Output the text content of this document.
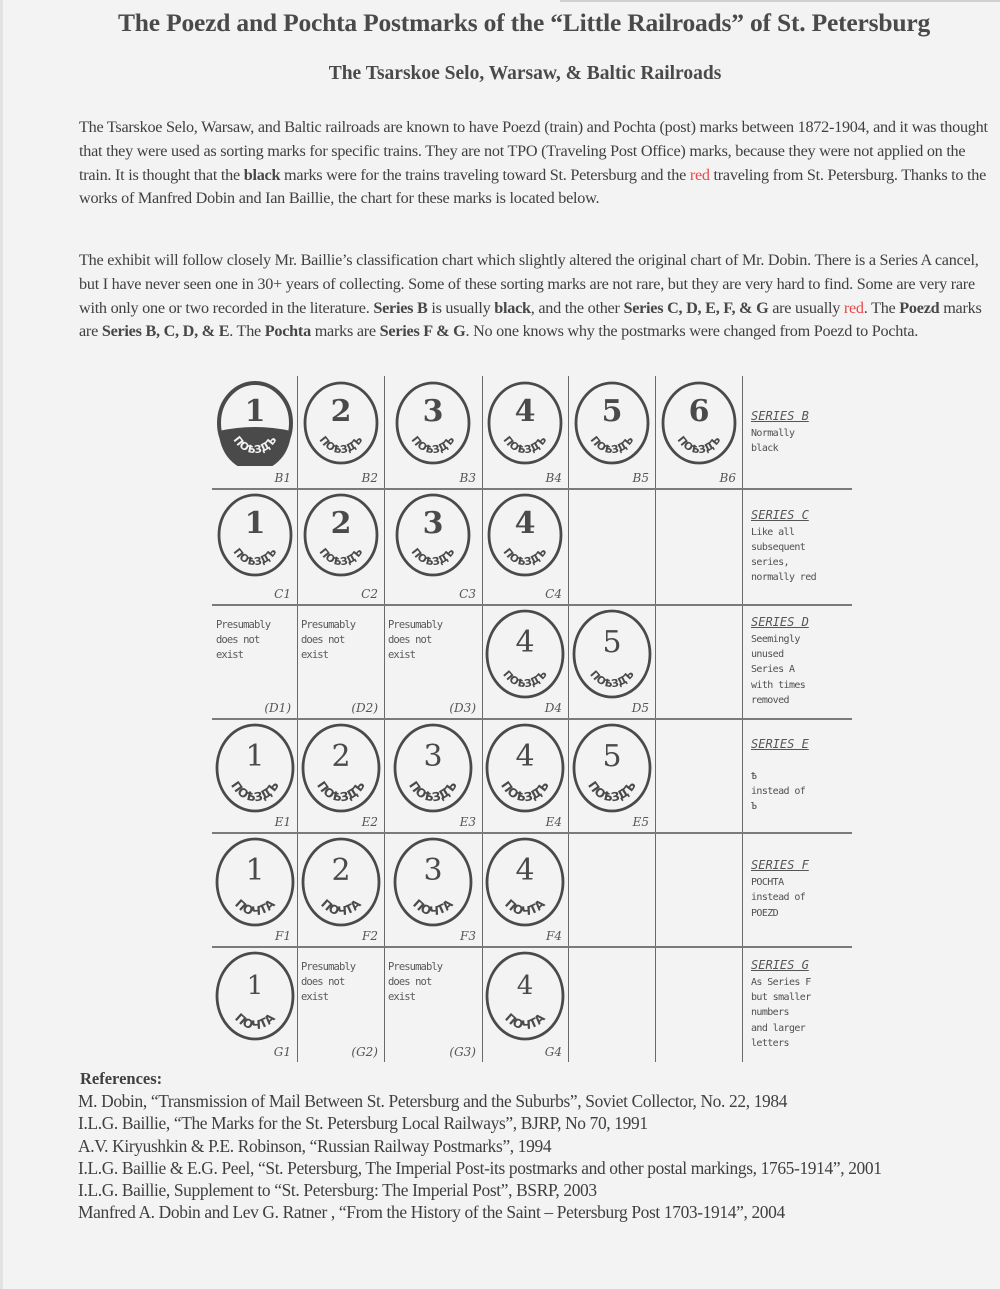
The Poezd and Pochta Postmarks of the “Little Railroads” of St. Petersburg
The Tsarskoe Selo, Warsaw, & Baltic Railroads

The Tsarskoe Selo, Warsaw, and Baltic railroads are known to have Poezd (train) and Pochta (post) marks between 1872-1904, and it was thought that they were used as sorting marks for specific trains. They are not TPO (Traveling Post Office) marks, because they were not applied on the train. It is thought that the black marks were for the trains traveling toward St. Petersburg and the red traveling from St. Petersburg. Thanks to the works of Manfred Dobin and Ian Baillie, the chart for these marks is located below.

The exhibit will follow closely Mr. Baillie’s classification chart which slightly altered the original chart of Mr. Dobin. There is a Series A cancel, but I have never seen one in 30+ years of collecting. Some of these sorting marks are not rare, but they are very hard to find. Some are very rare with only one or two recorded in the literature. Series B is usually black, and the other Series C, D, E, F, & G are usually red. The Poezd marks are Series B, C, D, & E. The Pochta marks are Series F & G. No one knows why the postmarks were changed from Poezd to Pochta.

1
ПОѢЗДЪ
B1
2
ПОѢЗДЪ
B2
3
ПОѢЗДЪ
B3
4
ПОѢЗДЪ
B4
5
ПОѢЗДЪ
B5
6
ПОѢЗДЪ
B6
SERIES B
Normally
black
1
ПОѢЗДЪ
C1
2
ПОѢЗДЪ
C2
3
ПОѢЗДЪ
C3
4
ПОѢЗДЪ
C4
SERIES C
Like all
subsequent
series,
normally red
Presumably
does not
exist
(D1)
Presumably
does not
exist
(D2)
Presumably
does not
exist
(D3)
4
ПОѢЗДЪ
D4
5
ПОѢЗДЪ
D5
SERIES D
Seemingly
unused
Series A
with times
removed
1
ПОѢЗДЪ
E1
2
ПОѢЗДЪ
E2
3
ПОѢЗДЪ
E3
4
ПОѢЗДЪ
E4
5
ПОѢЗДЪ
E5
SERIES E

Ѣ
instead of
Ъ
1
ПОЧТА
F1
2
ПОЧТА
F2
3
ПОЧТА
F3
4
ПОЧТА
F4
SERIES F
POCHTA
instead of
POEZD
1
ПОЧТА
G1
Presumably
does not
exist
(G2)
Presumably
does not
exist
(G3)
4
ПОЧТА
G4
SERIES G
As Series F
but smaller
numbers
and larger
letters
References:
M. Dobin, “Transmission of Mail Between St. Petersburg and the Suburbs”, Soviet Collector, No. 22, 1984
I.L.G. Baillie, “The Marks for the St. Petersburg Local Railways”, BJRP, No 70, 1991
A.V. Kiryushkin & P.E. Robinson, “Russian Railway Postmarks”, 1994
I.L.G. Baillie & E.G. Peel, “St. Petersburg, The Imperial Post-its postmarks and other postal markings, 1765-1914”, 2001
I.L.G. Baillie, Supplement to “St. Petersburg: The Imperial Post”, BSRP, 2003
Manfred A. Dobin and Lev G. Ratner , “From the History of the Saint – Petersburg Post 1703-1914”, 2004
